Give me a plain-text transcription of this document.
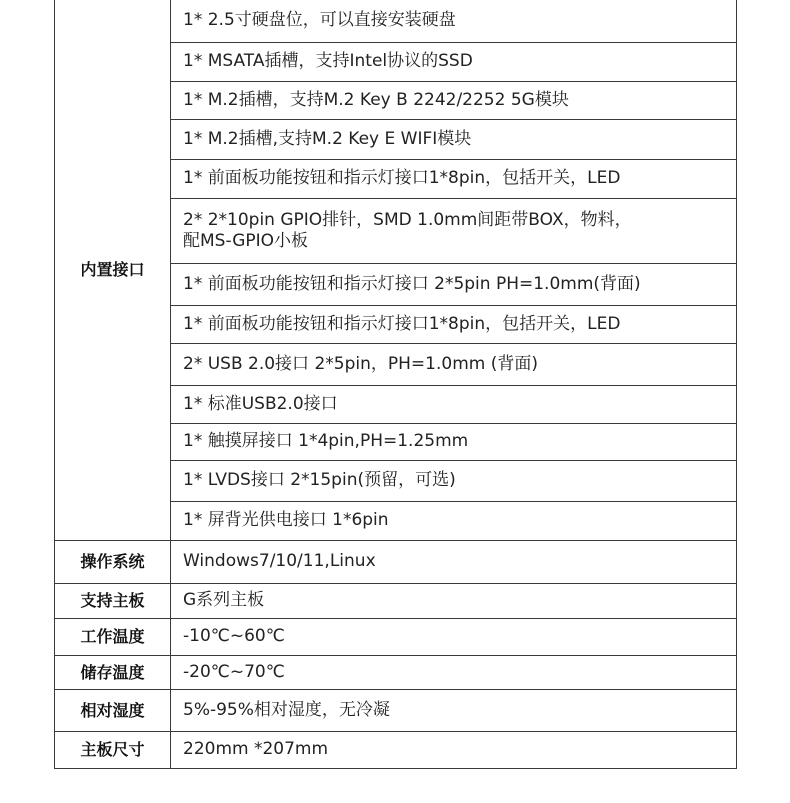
内置接口	1* 2.5寸硬盘位，可以直接安装硬盘
	1* MSATA插槽，支持Intel协议的SSD
	1* M.2插槽，支持M.2 Key B 2242/2252 5G模块
	1* M.2插槽,支持M.2 Key E WIFI模块
	1* 前面板功能按钮和指示灯接口1*8pin，包括开关，LED
	2* 2*10pin GPIO排针，SMD 1.0mm间距带BOX，物料，配MS-GPIO小板
	1* 前面板功能按钮和指示灯接口 2*5pin PH=1.0mm(背面)
	1* 前面板功能按钮和指示灯接口1*8pin，包括开关，LED
	2* USB 2.0接口 2*5pin，PH=1.0mm (背面)
	1* 标准USB2.0接口
	1* 触摸屏接口 1*4pin,PH=1.25mm
	1* LVDS接口 2*15pin(预留，可选)
	1* 屏背光供电接口 1*6pin
操作系统	Windows7/10/11,Linux
支持主板	G系列主板
工作温度	-10℃~60℃
储存温度	-20℃~70℃
相对湿度	5%-95%相对湿度，无冷凝
主板尺寸	220mm *207mm
